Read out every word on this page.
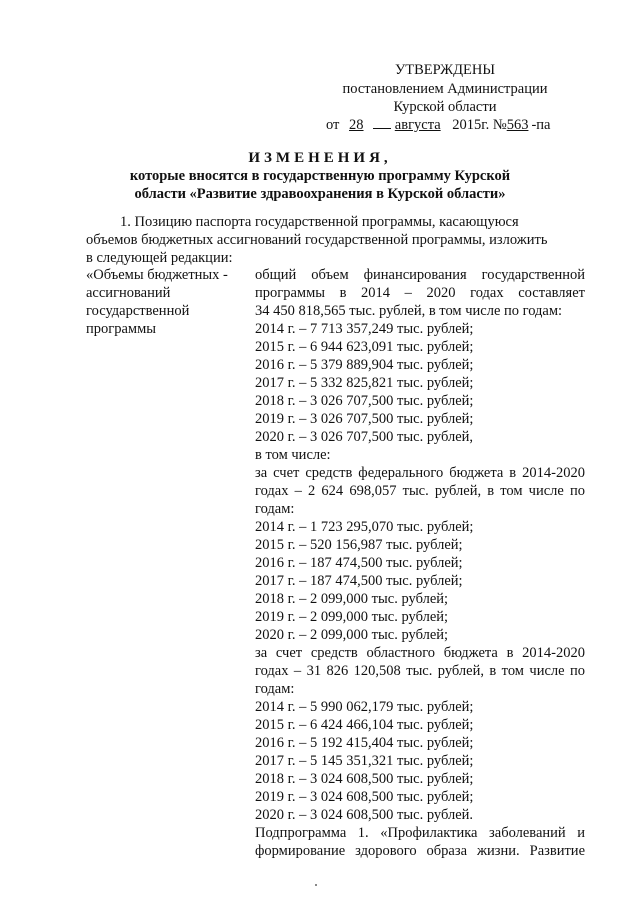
УТВЕРЖДЕНЫ
постановлением Администрации
Курской области
от 28 августа 2015г. №563 -па
ИЗМЕНЕНИЯ,
которые вносятся в государственную программу Курской
области «Развитие здравоохранения в Курской области»
1. Позицию паспорта государственной программы, касающуюся
объемов бюджетных ассигнований государственной программы, изложить
в следующей редакции:
«Объемы бюджетных -
ассигнований
государственной
программы
общий объем финансирования государственной
программы в 2014 – 2020 годах составляет
34 450 818,565 тыс. рублей, в том числе по годам:
2014 г. – 7 713 357,249 тыс. рублей;
2015 г. – 6 944 623,091 тыс. рублей;
2016 г. – 5 379 889,904 тыс. рублей;
2017 г. – 5 332 825,821 тыс. рублей;
2018 г. – 3 026 707,500 тыс. рублей;
2019 г. – 3 026 707,500 тыс. рублей;
2020 г. – 3 026 707,500 тыс. рублей,
в том числе:
за счет средств федерального бюджета в 2014-2020
годах – 2 624 698,057 тыс. рублей, в том числе по
годам:
2014 г. – 1 723 295,070 тыс. рублей;
2015 г. – 520 156,987 тыс. рублей;
2016 г. – 187 474,500 тыс. рублей;
2017 г. – 187 474,500 тыс. рублей;
2018 г. – 2 099,000 тыс. рублей;
2019 г. – 2 099,000 тыс. рублей;
2020 г. – 2 099,000 тыс. рублей;
за счет средств областного бюджета в 2014-2020
годах – 31 826 120,508 тыс. рублей, в том числе по
годам:
2014 г. – 5 990 062,179 тыс. рублей;
2015 г. – 6 424 466,104 тыс. рублей;
2016 г. – 5 192 415,404 тыс. рублей;
2017 г. – 5 145 351,321 тыс. рублей;
2018 г. – 3 024 608,500 тыс. рублей;
2019 г. – 3 024 608,500 тыс. рублей;
2020 г. – 3 024 608,500 тыс. рублей.
Подпрограмма 1. «Профилактика заболеваний и
формирование здорового образа жизни. Развитие
